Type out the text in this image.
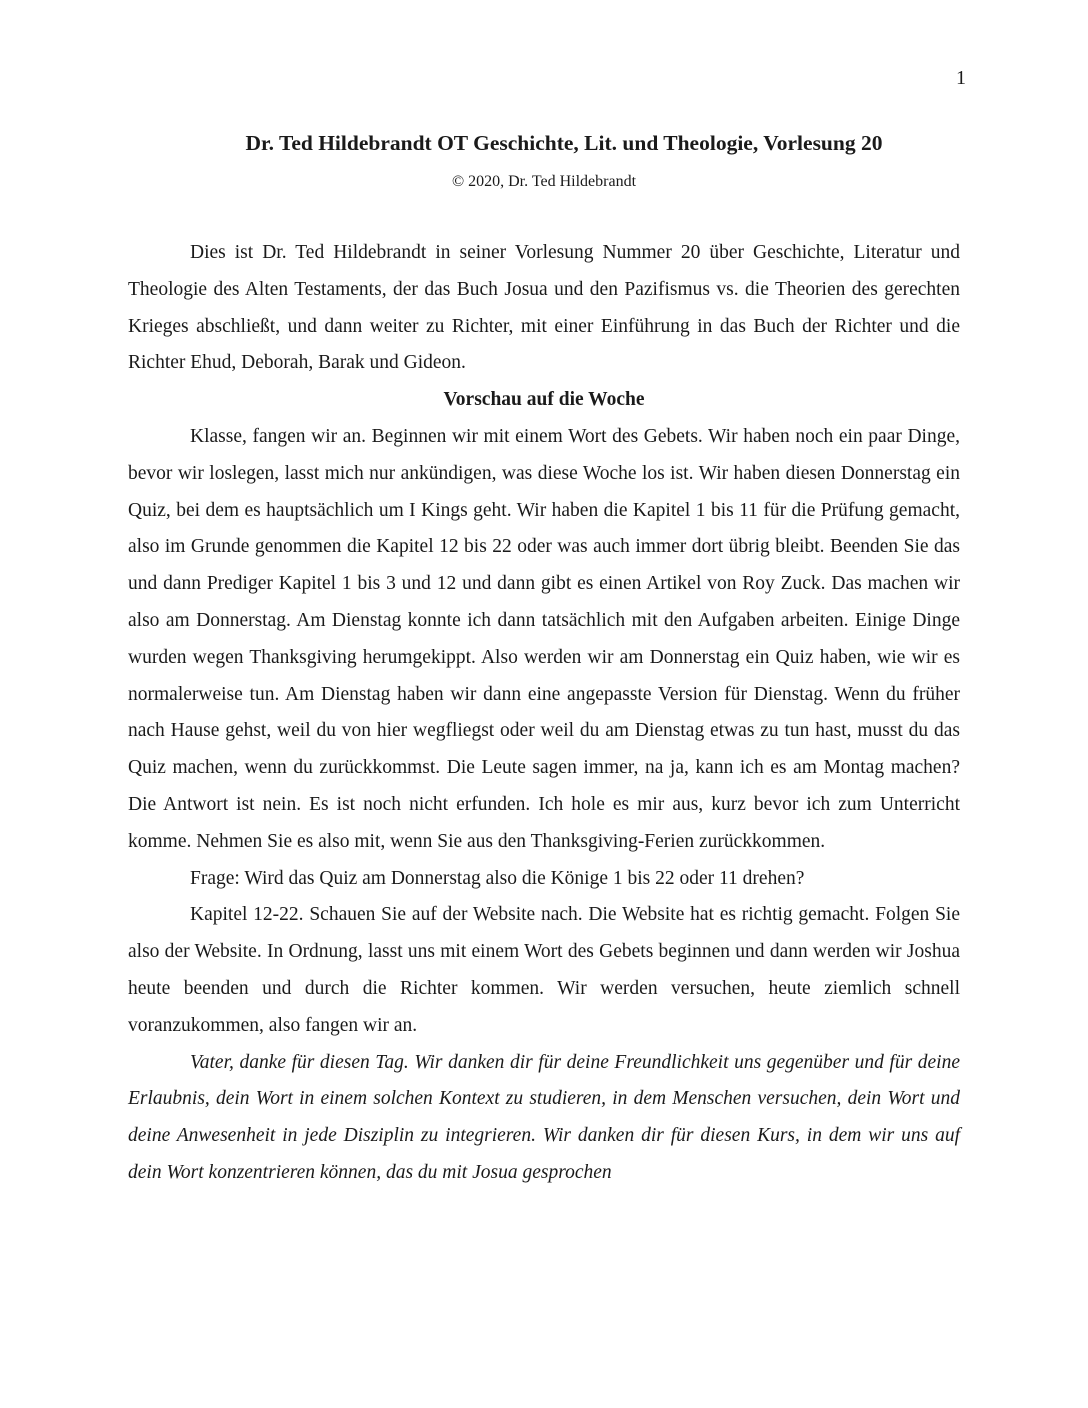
1
Dr. Ted Hildebrandt OT Geschichte, Lit. und Theologie, Vorlesung 20
© 2020, Dr. Ted Hildebrandt

Dies ist Dr. Ted Hildebrandt in seiner Vorlesung Nummer 20 über Geschichte, Literatur und Theologie des Alten Testaments, der das Buch Josua und den Pazifismus vs. die Theorien des gerechten Krieges abschließt, und dann weiter zu Richter, mit einer Einführung in das Buch der Richter und die Richter Ehud, Deborah, Barak und Gideon.

Vorschau auf die Woche

Klasse, fangen wir an. Beginnen wir mit einem Wort des Gebets. Wir haben noch ein paar Dinge, bevor wir loslegen, lasst mich nur ankündigen, was diese Woche los ist. Wir haben diesen Donnerstag ein Quiz, bei dem es hauptsächlich um I Kings geht. Wir haben die Kapitel 1 bis 11 für die Prüfung gemacht, also im Grunde genommen die Kapitel 12 bis 22 oder was auch immer dort übrig bleibt. Beenden Sie das und dann Prediger Kapitel 1 bis 3 und 12 und dann gibt es einen Artikel von Roy Zuck. Das machen wir also am Donnerstag. Am Dienstag konnte ich dann tatsächlich mit den Aufgaben arbeiten. Einige Dinge wurden wegen Thanksgiving herumgekippt. Also werden wir am Donnerstag ein Quiz haben, wie wir es normalerweise tun. Am Dienstag haben wir dann eine angepasste Version für Dienstag. Wenn du früher nach Hause gehst, weil du von hier wegfliegst oder weil du am Dienstag etwas zu tun hast, musst du das Quiz machen, wenn du zurückkommst. Die Leute sagen immer, na ja, kann ich es am Montag machen? Die Antwort ist nein. Es ist noch nicht erfunden. Ich hole es mir aus, kurz bevor ich zum Unterricht komme. Nehmen Sie es also mit, wenn Sie aus den Thanksgiving-Ferien zurückkommen.

Frage: Wird das Quiz am Donnerstag also die Könige 1 bis 22 oder 11 drehen?

Kapitel 12-22. Schauen Sie auf der Website nach. Die Website hat es richtig gemacht. Folgen Sie also der Website. In Ordnung, lasst uns mit einem Wort des Gebets beginnen und dann werden wir Joshua heute beenden und durch die Richter kommen. Wir werden versuchen, heute ziemlich schnell voranzukommen, also fangen wir an.

Vater, danke für diesen Tag. Wir danken dir für deine Freundlichkeit uns gegenüber und für deine Erlaubnis, dein Wort in einem solchen Kontext zu studieren, in dem Menschen versuchen, dein Wort und deine Anwesenheit in jede Disziplin zu integrieren. Wir danken dir für diesen Kurs, in dem wir uns auf dein Wort konzentrieren können, das du mit Josua gesprochen
